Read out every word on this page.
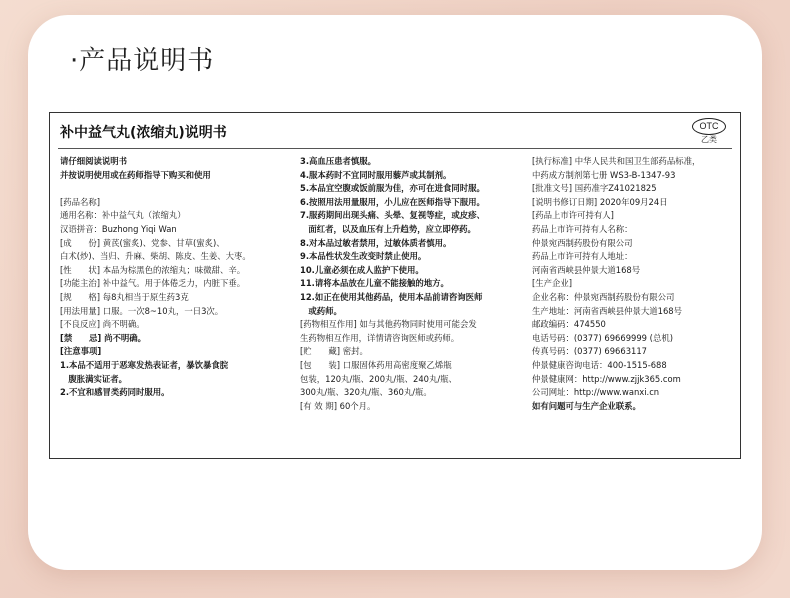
·产品说明书
补中益气丸(浓缩丸)说明书	OTC
乙类
请仔细阅读说明书
并按说明使用或在药师指导下购买和使用
[药品名称]
通用名称：补中益气丸（浓缩丸）
汉语拼音：Buzhong Yiqi Wan
[成　　份] 黄芪(蜜炙)、党参、甘草(蜜炙)、
白术(炒)、当归、升麻、柴胡、陈皮、生姜、大枣。
[性　　状] 本品为棕黑色的浓缩丸；味微甜、辛。
[功能主治] 补中益气。用于体倦乏力，内脏下垂。
[规　　格] 每8丸相当于原生药3克
[用法用量] 口服。一次8~10丸，一日3次。
[不良反应] 尚不明确。
[禁　　忌] 尚不明确。
[注意事项]
1.本品不适用于恶寒发热表证者，暴饮暴食脘
　腹胀满实证者。
2.不宜和感冒类药同时服用。
3.高血压患者慎服。
4.服本药时不宜同时服用藜芦或其制剂。
5.本品宜空腹或饭前服为佳，亦可在进食同时服。
6.按照用法用量服用，小儿应在医师指导下服用。
7.服药期间出现头痛、头晕、复视等症，或皮疹、
　面红者，以及血压有上升趋势，应立即停药。
8.对本品过敏者禁用，过敏体质者慎用。
9.本品性状发生改变时禁止使用。
10.儿童必须在成人监护下使用。
11.请将本品放在儿童不能接触的地方。
12.如正在使用其他药品，使用本品前请咨询医师
　或药师。
[药物相互作用] 如与其他药物同时使用可能会发
生药物相互作用，详情请咨询医师或药师。
[贮　　藏] 密封。
[包　　装] 口服固体药用高密度聚乙烯瓶
包装，120丸/瓶、200丸/瓶、240丸/瓶、
300丸/瓶、320丸/瓶、360丸/瓶。
[有 效 期] 60个月。
[执行标准] 中华人民共和国卫生部药品标准，
中药成方制剂第七册 WS3-B-1347-93
[批准文号] 国药准字Z41021825
[说明书修订日期] 2020年09月24日
[药品上市许可持有人]
药品上市许可持有人名称：
仲景宛西制药股份有限公司
药品上市许可持有人地址：
河南省西峡县仲景大道168号
[生产企业]
企业名称：仲景宛西制药股份有限公司
生产地址：河南省西峡县仲景大道168号
邮政编码：474550
电话号码：(0377) 69669999 (总机)
传真号码：(0377) 69663117
仲景健康咨询电话：400-1515-688
仲景健康网：http://www.zjjk365.com
公司网址：http://www.wanxi.cn
如有问题可与生产企业联系。
